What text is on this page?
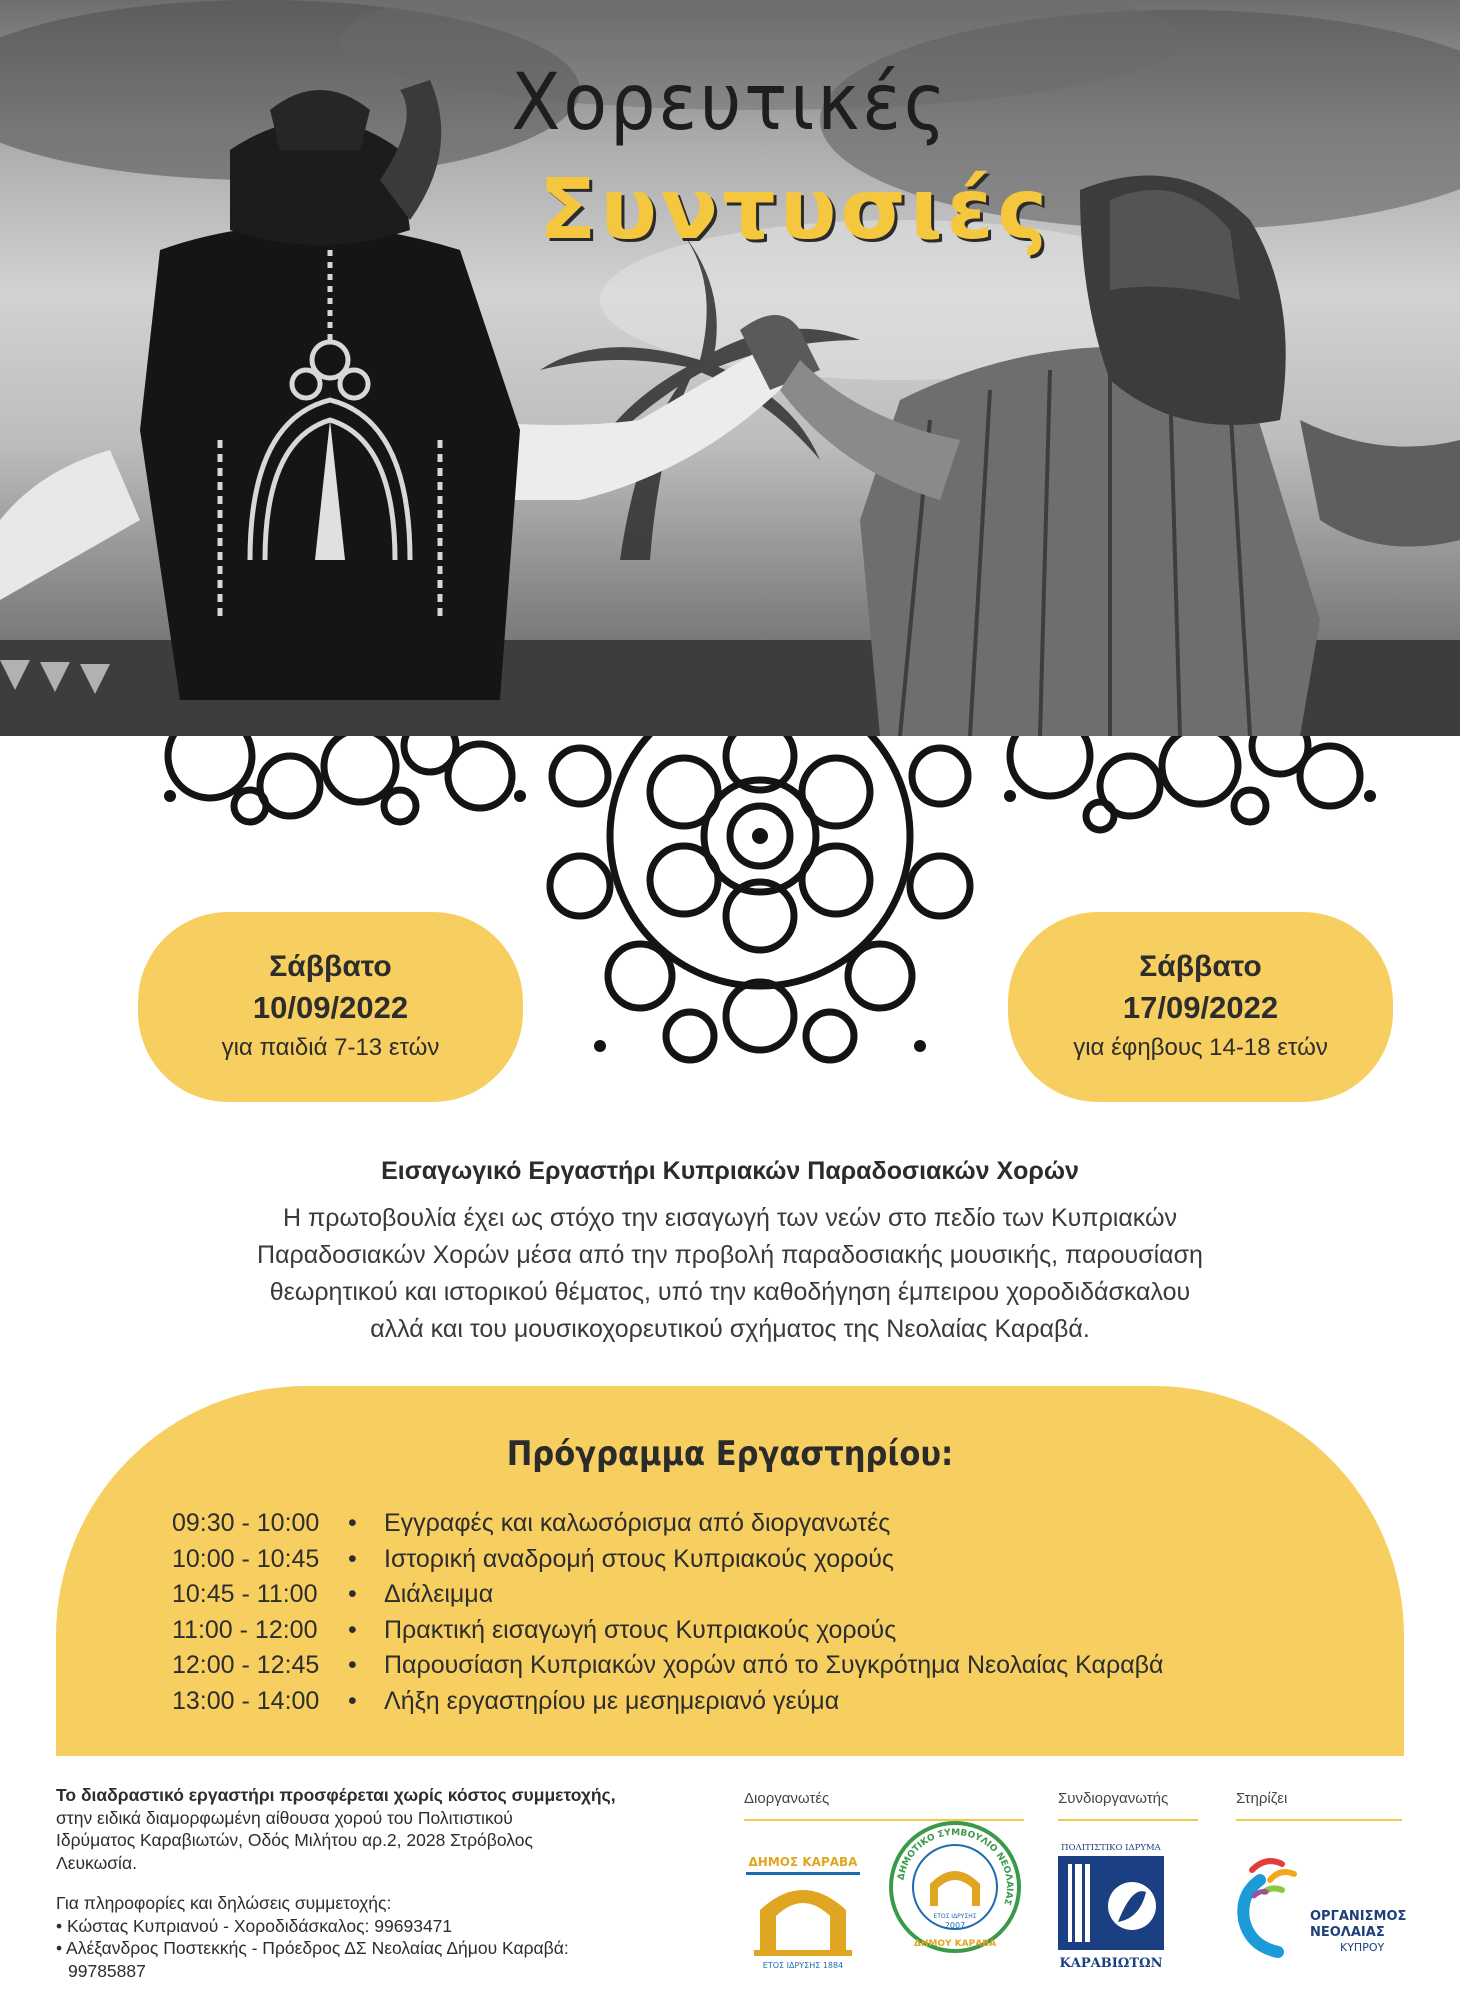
Χορευτικές
Συντυσιές
Σάββατο
10/09/2022
για παιδιά 7-13 ετών
Σάββατο
17/09/2022
για έφηβους 14-18 ετών
Εισαγωγικό Εργαστήρι Κυπριακών Παραδοσιακών Χορών
Η πρωτοβουλία έχει ως στόχο την εισαγωγή των νεών στο πεδίο των Κυπριακών
Παραδοσιακών Χορών μέσα από την προβολή παραδοσιακής μουσικής, παρουσίαση
θεωρητικού και ιστορικού θέματος, υπό την καθοδήγηση έμπειρου χοροδιδάσκαλου
αλλά και του μουσικοχορευτικού σχήματος της Νεολαίας Καραβά.
Πρόγραμμα Εργαστηρίου:
09:30 - 10:00	•	Εγγραφές και καλωσόρισμα από διοργανωτές
10:00 - 10:45	•	Ιστορική αναδρομή στους Κυπριακούς χορούς
10:45 - 11:00	•	Διάλειμμα
11:00 - 12:00	•	Πρακτική εισαγωγή στους Κυπριακούς χορούς
12:00 - 12:45	•	Παρουσίαση Κυπριακών χορών από το Συγκρότημα Νεολαίας Καραβά
13:00 - 14:00	•	Λήξη εργαστηρίου με μεσημεριανό γεύμα
Το διαδραστικό εργαστήρι προσφέρεται χωρίς κόστος συμμετοχής,
στην ειδικά διαμορφωμένη αίθουσα χορού του Πολιτιστικού
Ιδρύματος Καραβιωτών, Οδός Μιλήτου αρ.2, 2028 Στρόβολος
Λευκωσία.
Για πληροφορίες και δηλώσεις συμμετοχής:
• Κώστας Κυπριανού - Χοροδιδάσκαλος: 99693471
• Αλέξανδρος Ποστεκκής - Πρόεδρος ΔΣ Νεολαίας Δήμου Καραβά:
99785887
Διοργανωτές	Συνδιοργανωτής	Στηρίζει
ΔΗΜΟΣ ΚΑΡΑΒΑ
ΕΤΟΣ ΙΔΡΥΣΗΣ 1884
ΔΗΜΟΤΙΚΟ ΣΥΜΒΟΥΛΙΟ ΝΕΟΛΑΙΑΣ
ΕΤΟΣ ΙΔΡΥΣΗΣ
2007
ΔΗΜΟΥ ΚΑΡΑΒΑ
ΠΟΛΙΤΙΣΤΙΚΟ ΙΔΡΥΜΑ
ΚΑΡΑΒΙΩΤΩΝ
ΟΡΓΑΝΙΣΜΟΣ
ΝΕΟΛΑΙΑΣ
ΚΥΠΡΟΥ
